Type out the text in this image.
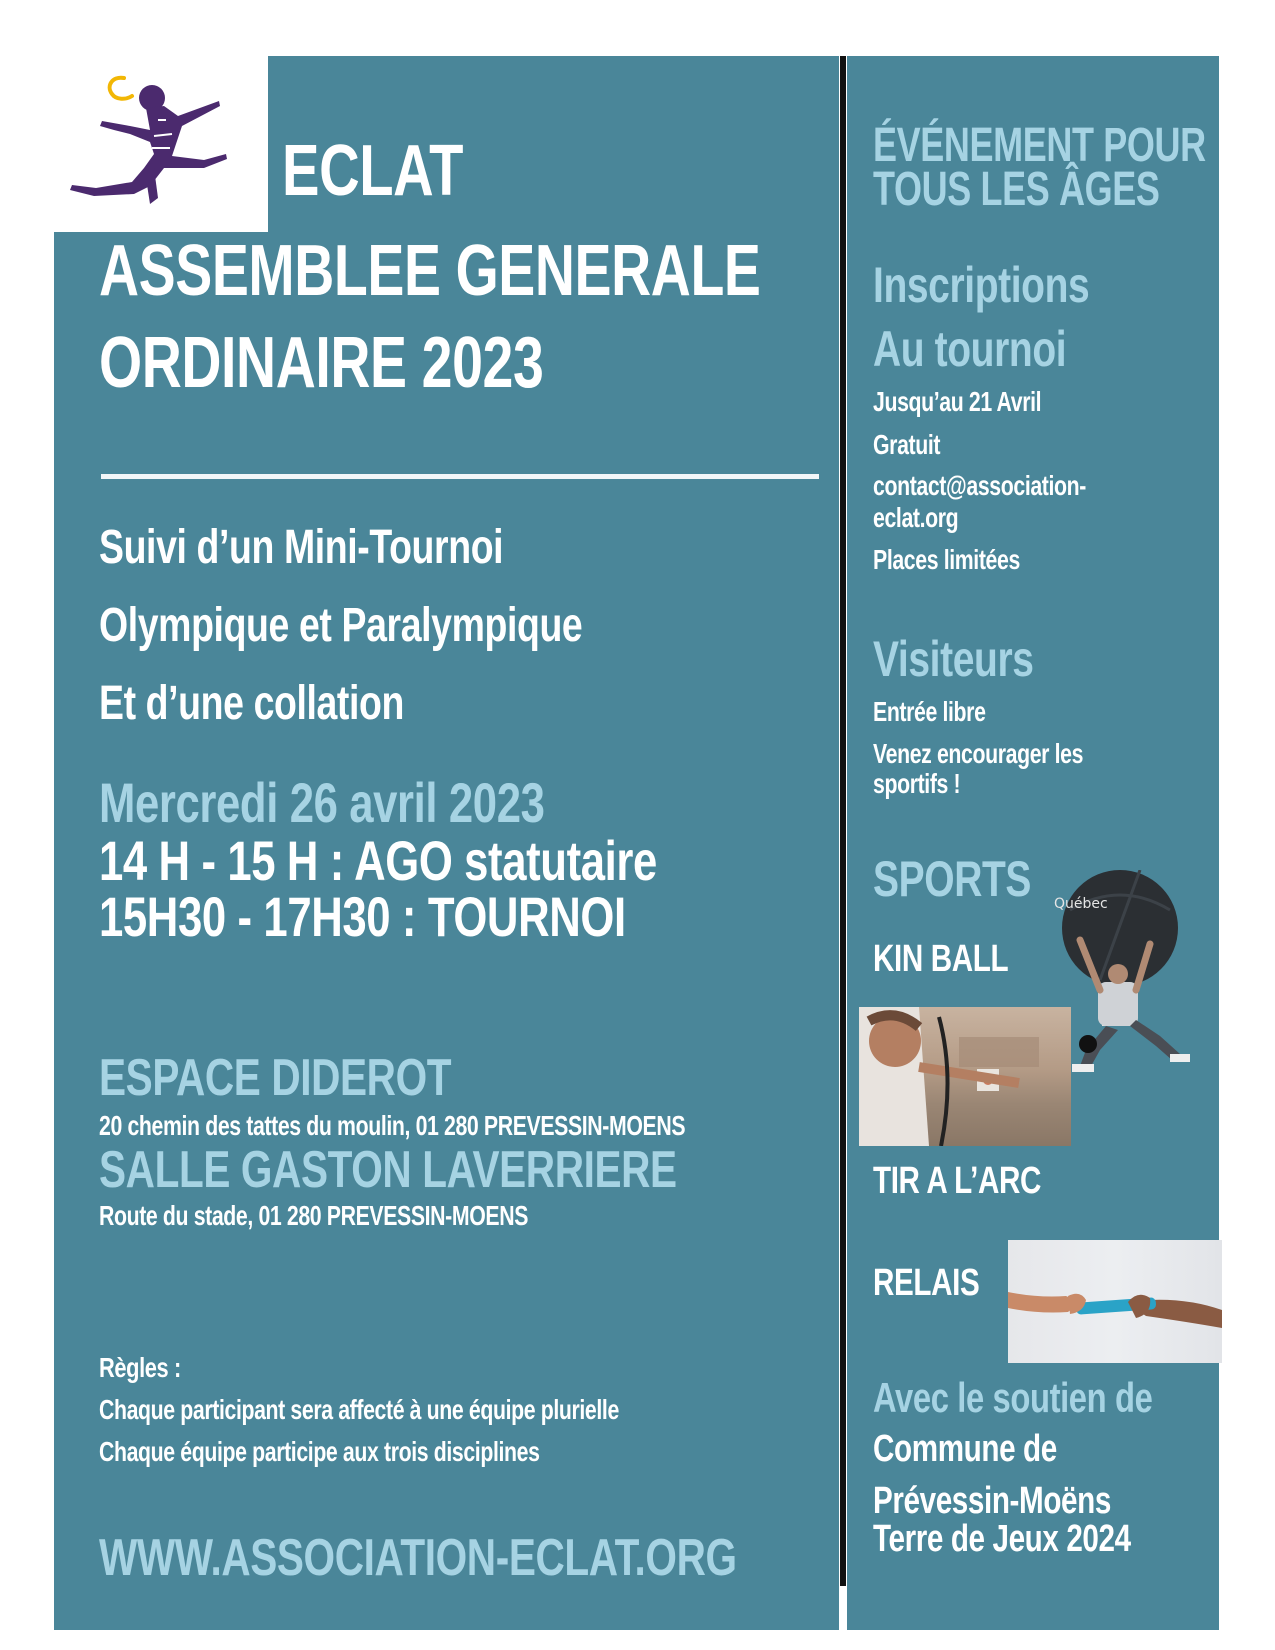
ECLAT
ASSEMBLEE GENERALE
ORDINAIRE 2023
Suivi d’un Mini-Tournoi
Olympique et Paralympique
Et d’une collation
Mercredi 26 avril 2023
14 H - 15 H : AGO statutaire
15H30 - 17H30 : TOURNOI
ESPACE DIDEROT
20 chemin des tattes du moulin, 01 280 PREVESSIN-MOENS
SALLE GASTON LAVERRIERE
Route du stade, 01 280 PREVESSIN-MOENS
Règles :
Chaque participant sera affecté à une équipe plurielle
Chaque équipe participe aux trois disciplines
WWW.ASSOCIATION-ECLAT.ORG
ÉVÉNEMENT POUR
TOUS LES ÂGES
Inscriptions
Au tournoi
Jusqu’au 21 Avril
Gratuit
contact@association-
eclat.org
Places limitées
Visiteurs
Entrée libre
Venez encourager les
sportifs !
SPORTS Québec
KIN BALL
TIR A L’ARC
RELAIS
Avec le soutien de
Commune de
Prévessin-Moëns
Terre de Jeux 2024
